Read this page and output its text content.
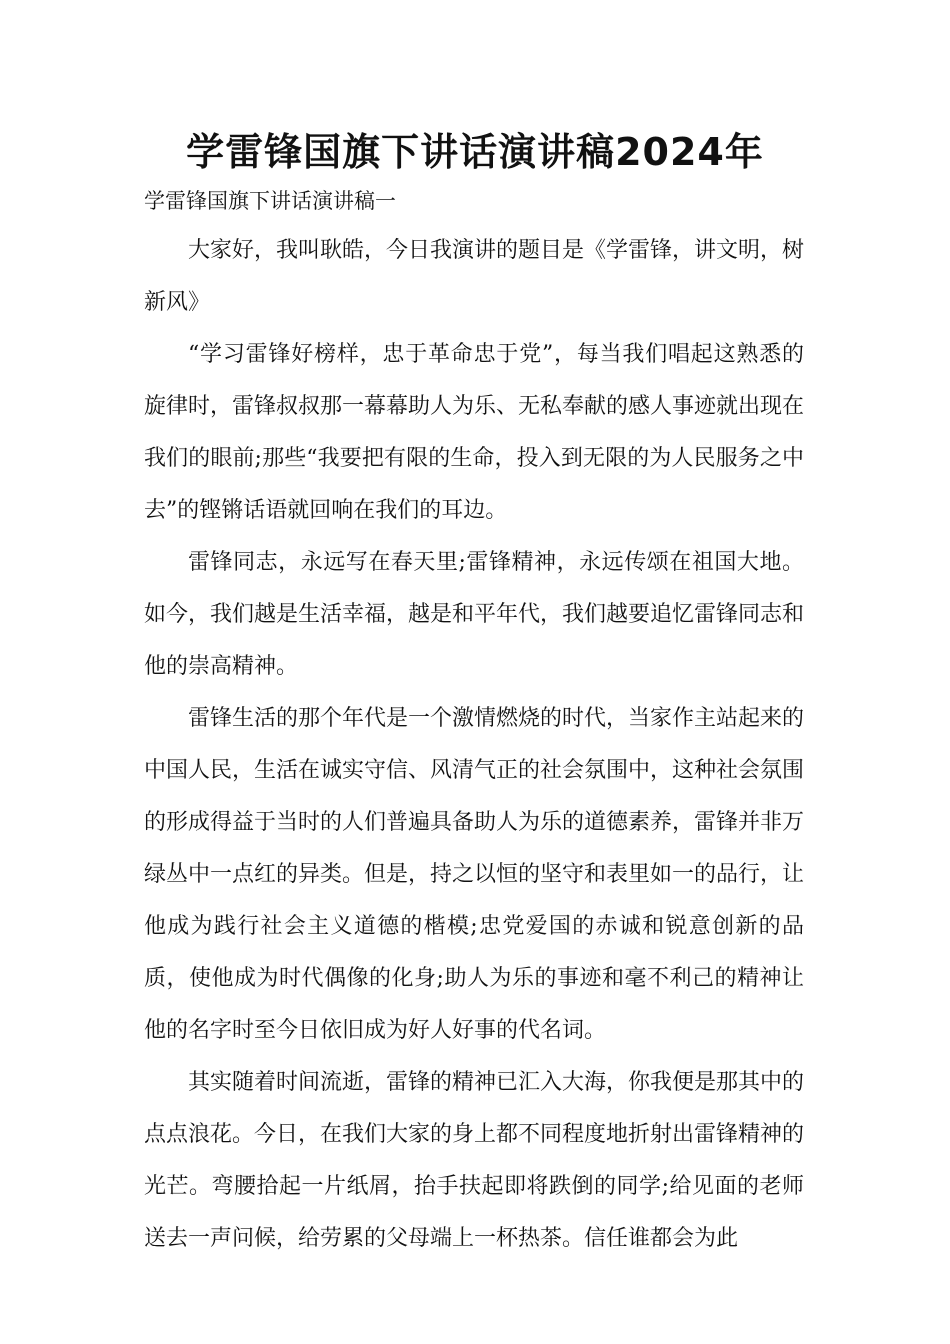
学雷锋国旗下讲话演讲稿2024年

学雷锋国旗下讲话演讲稿一

大家好，我叫耿皓，今日我演讲的题目是《学雷锋，讲文明，树新风》

“学习雷锋好榜样，忠于革命忠于党”，每当我们唱起这熟悉的旋律时，雷锋叔叔那一幕幕助人为乐、无私奉献的感人事迹就出现在我们的眼前;那些“我要把有限的生命，投入到无限的为人民服务之中去”的铿锵话语就回响在我们的耳边。

雷锋同志，永远写在春天里;雷锋精神，永远传颂在祖国大地。如今，我们越是生活幸福，越是和平年代，我们越要追忆雷锋同志和他的崇高精神。

雷锋生活的那个年代是一个激情燃烧的时代，当家作主站起来的中国人民，生活在诚实守信、风清气正的社会氛围中，这种社会氛围的形成得益于当时的人们普遍具备助人为乐的道德素养，雷锋并非万绿丛中一点红的异类。但是，持之以恒的坚守和表里如一的品行，让他成为践行社会主义道德的楷模;忠党爱国的赤诚和锐意创新的品质，使他成为时代偶像的化身;助人为乐的事迹和毫不利己的精神让他的名字时至今日依旧成为好人好事的代名词。

其实随着时间流逝，雷锋的精神已汇入大海，你我便是那其中的点点浪花。今日，在我们大家的身上都不同程度地折射出雷锋精神的光芒。弯腰拾起一片纸屑，抬手扶起即将跌倒的同学;给见面的老师送去一声问候，给劳累的父母端上一杯热茶。信任谁都会为此
